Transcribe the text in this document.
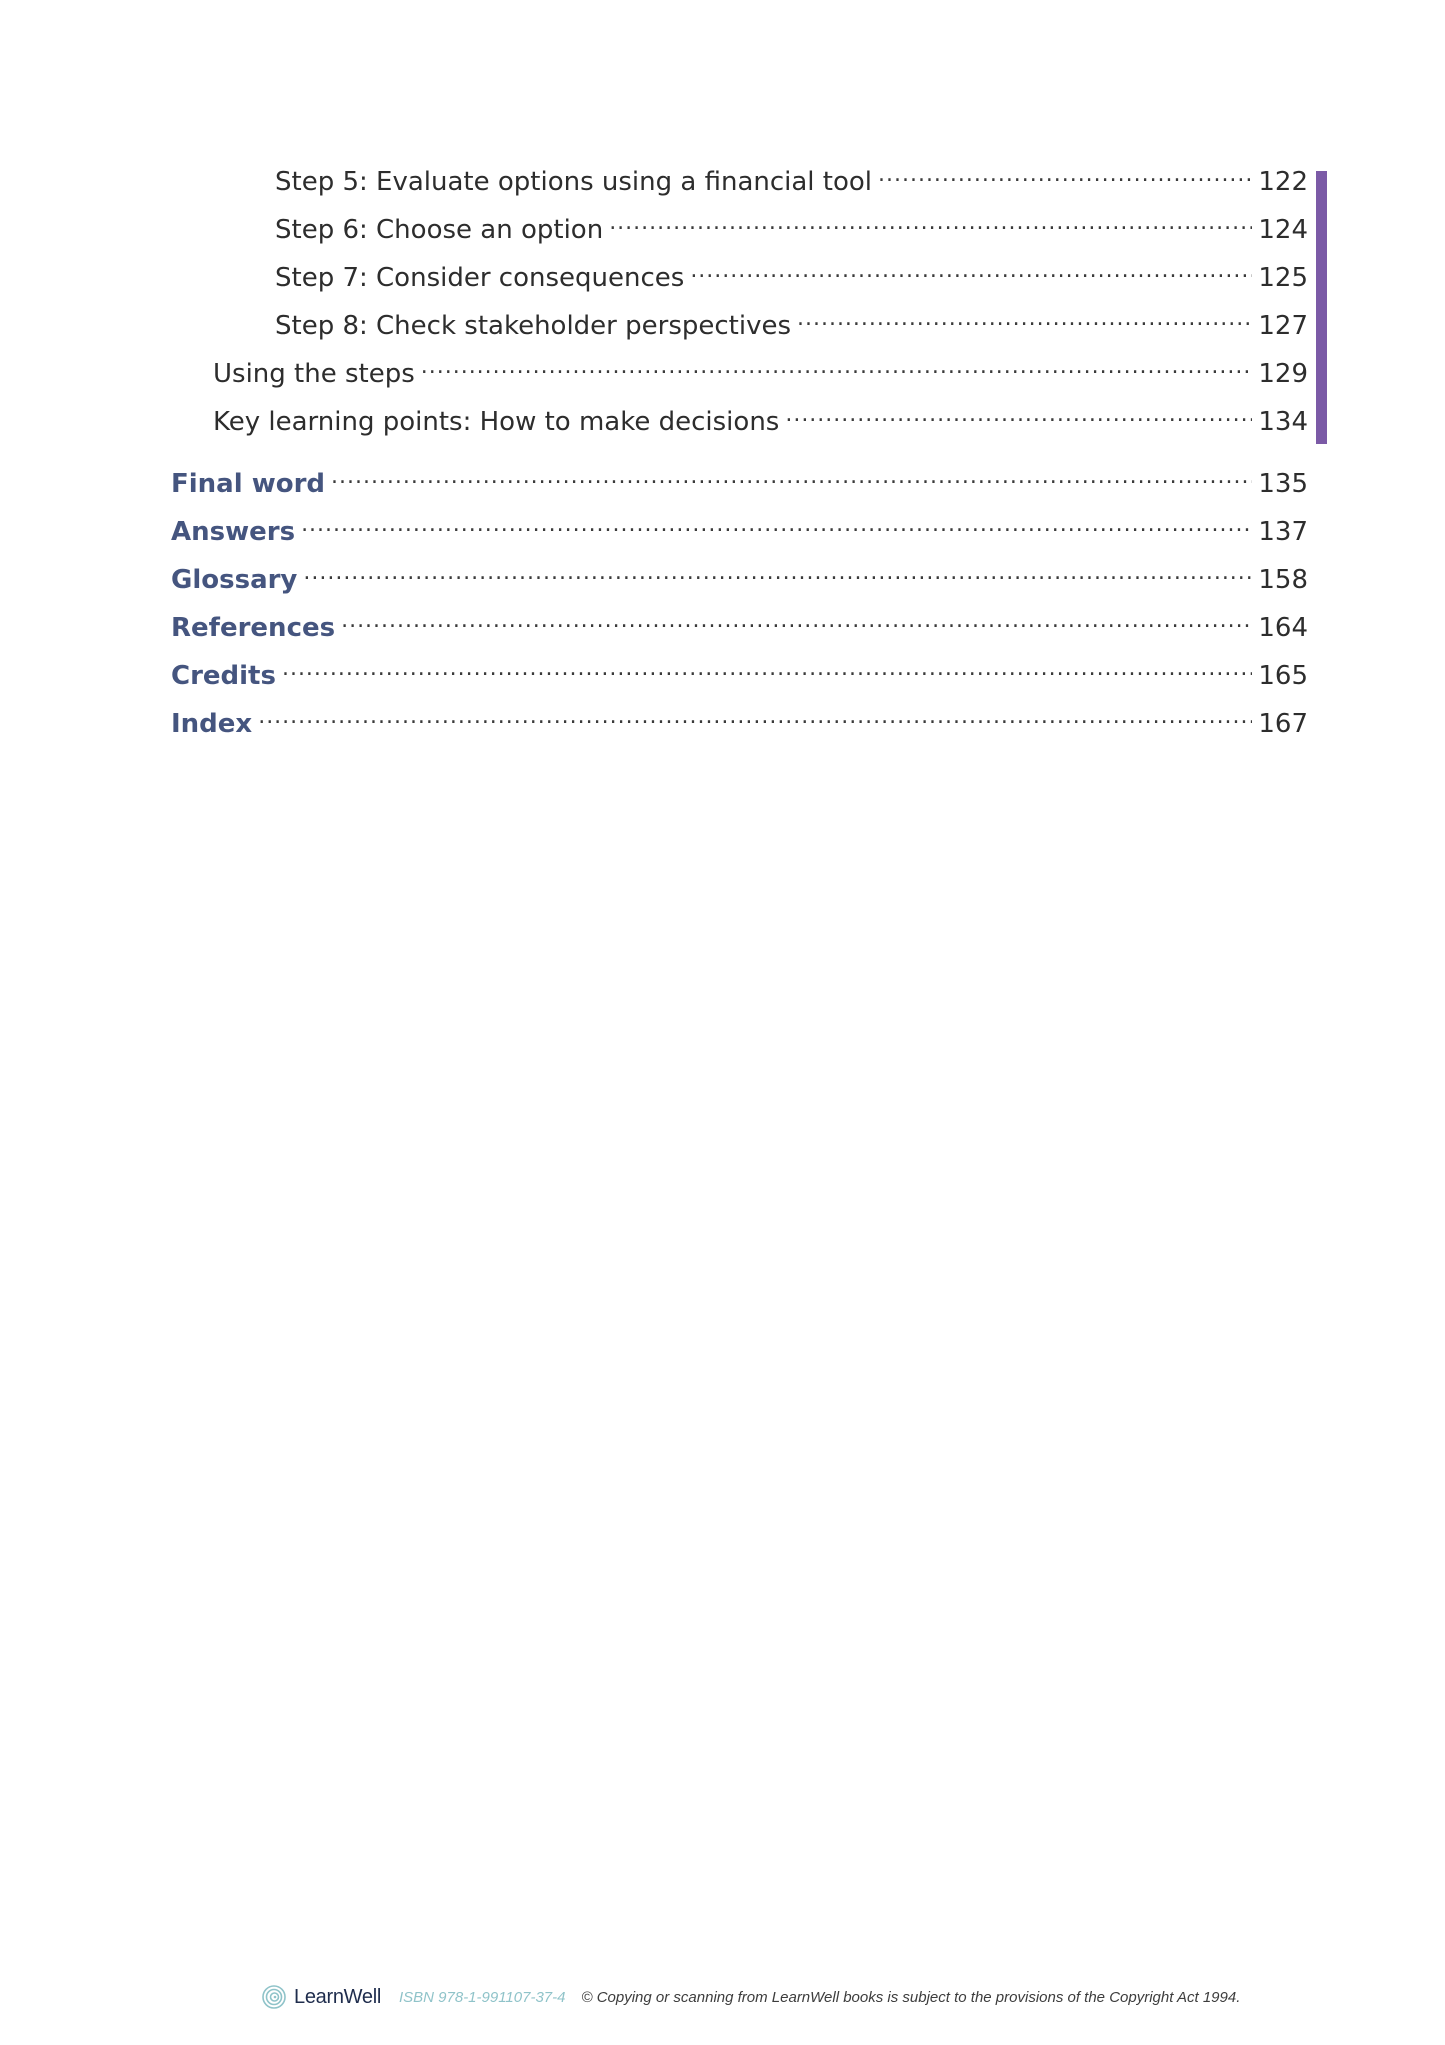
Step 5: Evaluate options using a financial tool . . .	122
Step 6: Choose an option . . .	124
Step 7: Consider consequences . . .	125
Step 8: Check stakeholder perspectives . . .	127
Using the steps . . .	129
Key learning points: How to make decisions . . .	134
Final word . . .	135
Answers . . .	137
Glossary . . .	158
References . . .	164
Credits . . .	165
Index . . .	167
LearnWell ISBN 978-1-991107-37-4 © Copying or scanning from LearnWell books is subject to the provisions of the Copyright Act 1994.
